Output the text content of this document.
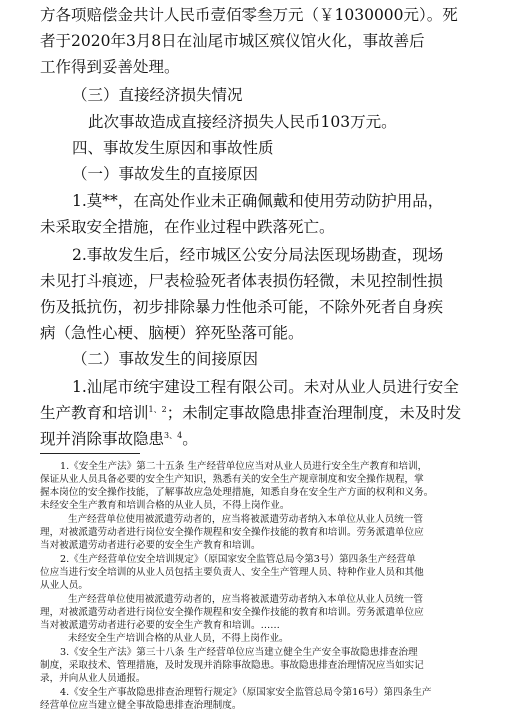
方各项赔偿金共计人民币壹佰零叁万元（￥1030000元）。死
者于2020年3月8日在汕尾市城区殡仪馆火化，事故善后
工作得到妥善处理。
（三）直接经济损失情况
此次事故造成直接经济损失人民币103万元。
四、事故发生原因和事故性质
（一）事故发生的直接原因
1.莫**，在高处作业未正确佩戴和使用劳动防护用品，
未采取安全措施，在作业过程中跌落死亡。
2.事故发生后，经市城区公安分局法医现场勘查，现场
未见打斗痕迹，尸表检验死者体表损伤轻微，未见控制性损
伤及抵抗伤，初步排除暴力性他杀可能，不除外死者自身疾
病（急性心梗、脑梗）猝死坠落可能。
（二）事故发生的间接原因
1.汕尾市统宇建设工程有限公司。未对从业人员进行安全
生产教育和培训$^{1、2}$；未制定事故隐患排查治理制度，未及时发
现并消除事故隐患$^{3、4}$。
1.《安全生产法》第二十五条 生产经营单位应当对从业人员进行安全生产教育和培训，
保证从业人员具备必要的安全生产知识，熟悉有关的安全生产规章制度和安全操作规程，掌
握本岗位的安全操作技能，了解事故应急处理措施，知悉自身在安全生产方面的权利和义务。
未经安全生产教育和培训合格的从业人员，不得上岗作业。
生产经营单位使用被派遣劳动者的，应当将被派遣劳动者纳入本单位从业人员统一管
理，对被派遣劳动者进行岗位安全操作规程和安全操作技能的教育和培训。劳务派遣单位应
当对被派遣劳动者进行必要的安全生产教育和培训。
2.《生产经营单位安全培训规定》（原国家安全监管总局令第3号）第四条生产经营单
位应当进行安全培训的从业人员包括主要负责人、安全生产管理人员、特种作业人员和其他
从业人员。
生产经营单位使用被派遣劳动者的，应当将被派遣劳动者纳入本单位从业人员统一管
理，对被派遣劳动者进行岗位安全操作规程和安全操作技能的教育和培训。劳务派遣单位应
当对被派遣劳动者进行必要的安全生产教育和培训。……
未经安全生产培训合格的从业人员，不得上岗作业。
3.《安全生产法》第三十八条 生产经营单位应当建立健全生产安全事故隐患排查治理
制度，采取技术、管理措施，及时发现并消除事故隐患。事故隐患排查治理情况应当如实记
录，并向从业人员通报。
4.《安全生产事故隐患排查治理暂行规定》（原国家安全监管总局令第16号）第四条生产
经营单位应当建立健全事故隐患排查治理制度。
